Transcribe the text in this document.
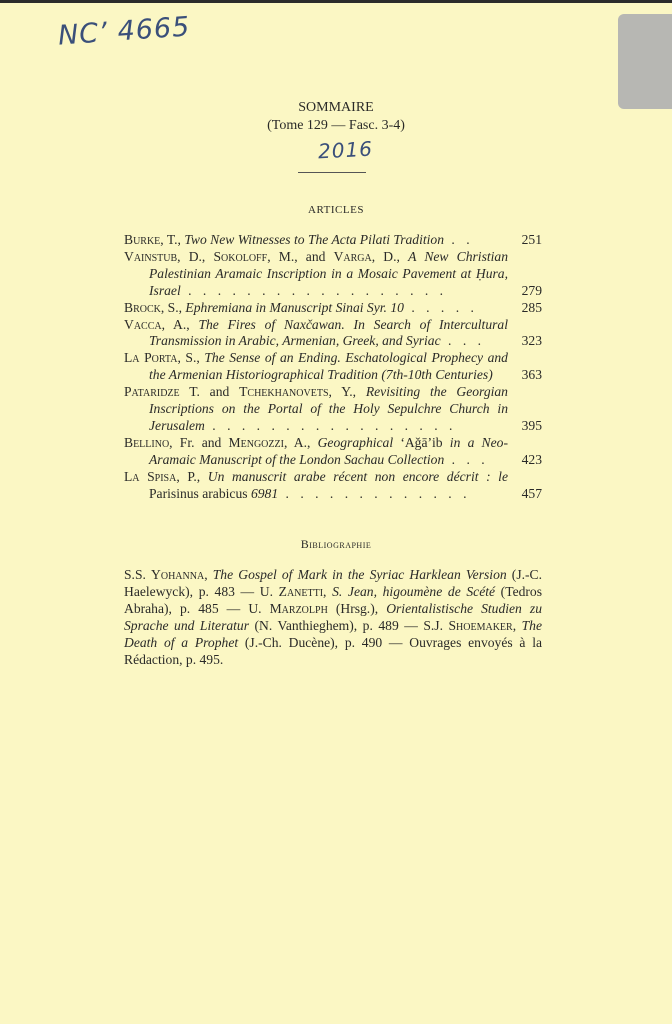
NC’ 4665
2016
SOMMAIRE
(Tome 129 — Fasc. 3-4)
ARTICLES
Burke, T., Two New Witnesses to The Acta Pilati Tradition . .	251
Vainstub, D., Sokoloff, M., and Varga, D., A New Christian Palestinian Aramaic Inscription in a Mosaic Pavement at Ḥura, Israel . . . . . . . . . . . . . . . . . .	279
Brock, S., Ephremiana in Manuscript Sinai Syr. 10 . . . . .	285
Vacca, A., The Fires of Naxčawan. In Search of Intercultural Transmission in Arabic, Armenian, Greek, and Syriac . . .	323
La Porta, S., The Sense of an Ending. Eschatological Prophecy and the Armenian Historiographical Tradition (7th-10th Centuries) 363
Pataridze T. and Tchekhanovets, Y., Revisiting the Georgian Inscriptions on the Portal of the Holy Sepulchre Church in Jerusalem . . . . . . . . . . . . . . . . .	395
Bellino, Fr. and Mengozzi, A., Geographical ‘Aǧā’ib in a Neo-Aramaic Manuscript of the London Sachau Collection . . . 423
La Spisa, P., Un manuscrit arabe récent non encore décrit : le Parisinus arabicus 6981 . . . . . . . . . . . . .	457
Bibliographie
S.S. Yohanna, The Gospel of Mark in the Syriac Harklean Version (J.-C. Haelewyck), p. 483 — U. Zanetti, S. Jean, higoumène de Scété (Tedros Abraha), p. 485 — U. Marzolph (Hrsg.), Orientalistische Studien zu Sprache und Literatur (N. Vanthieghem), p. 489 — S.J. Shoemaker, The Death of a Prophet (J.-Ch. Ducène), p. 490 — Ouvrages envoyés à la Rédaction, p. 495.
